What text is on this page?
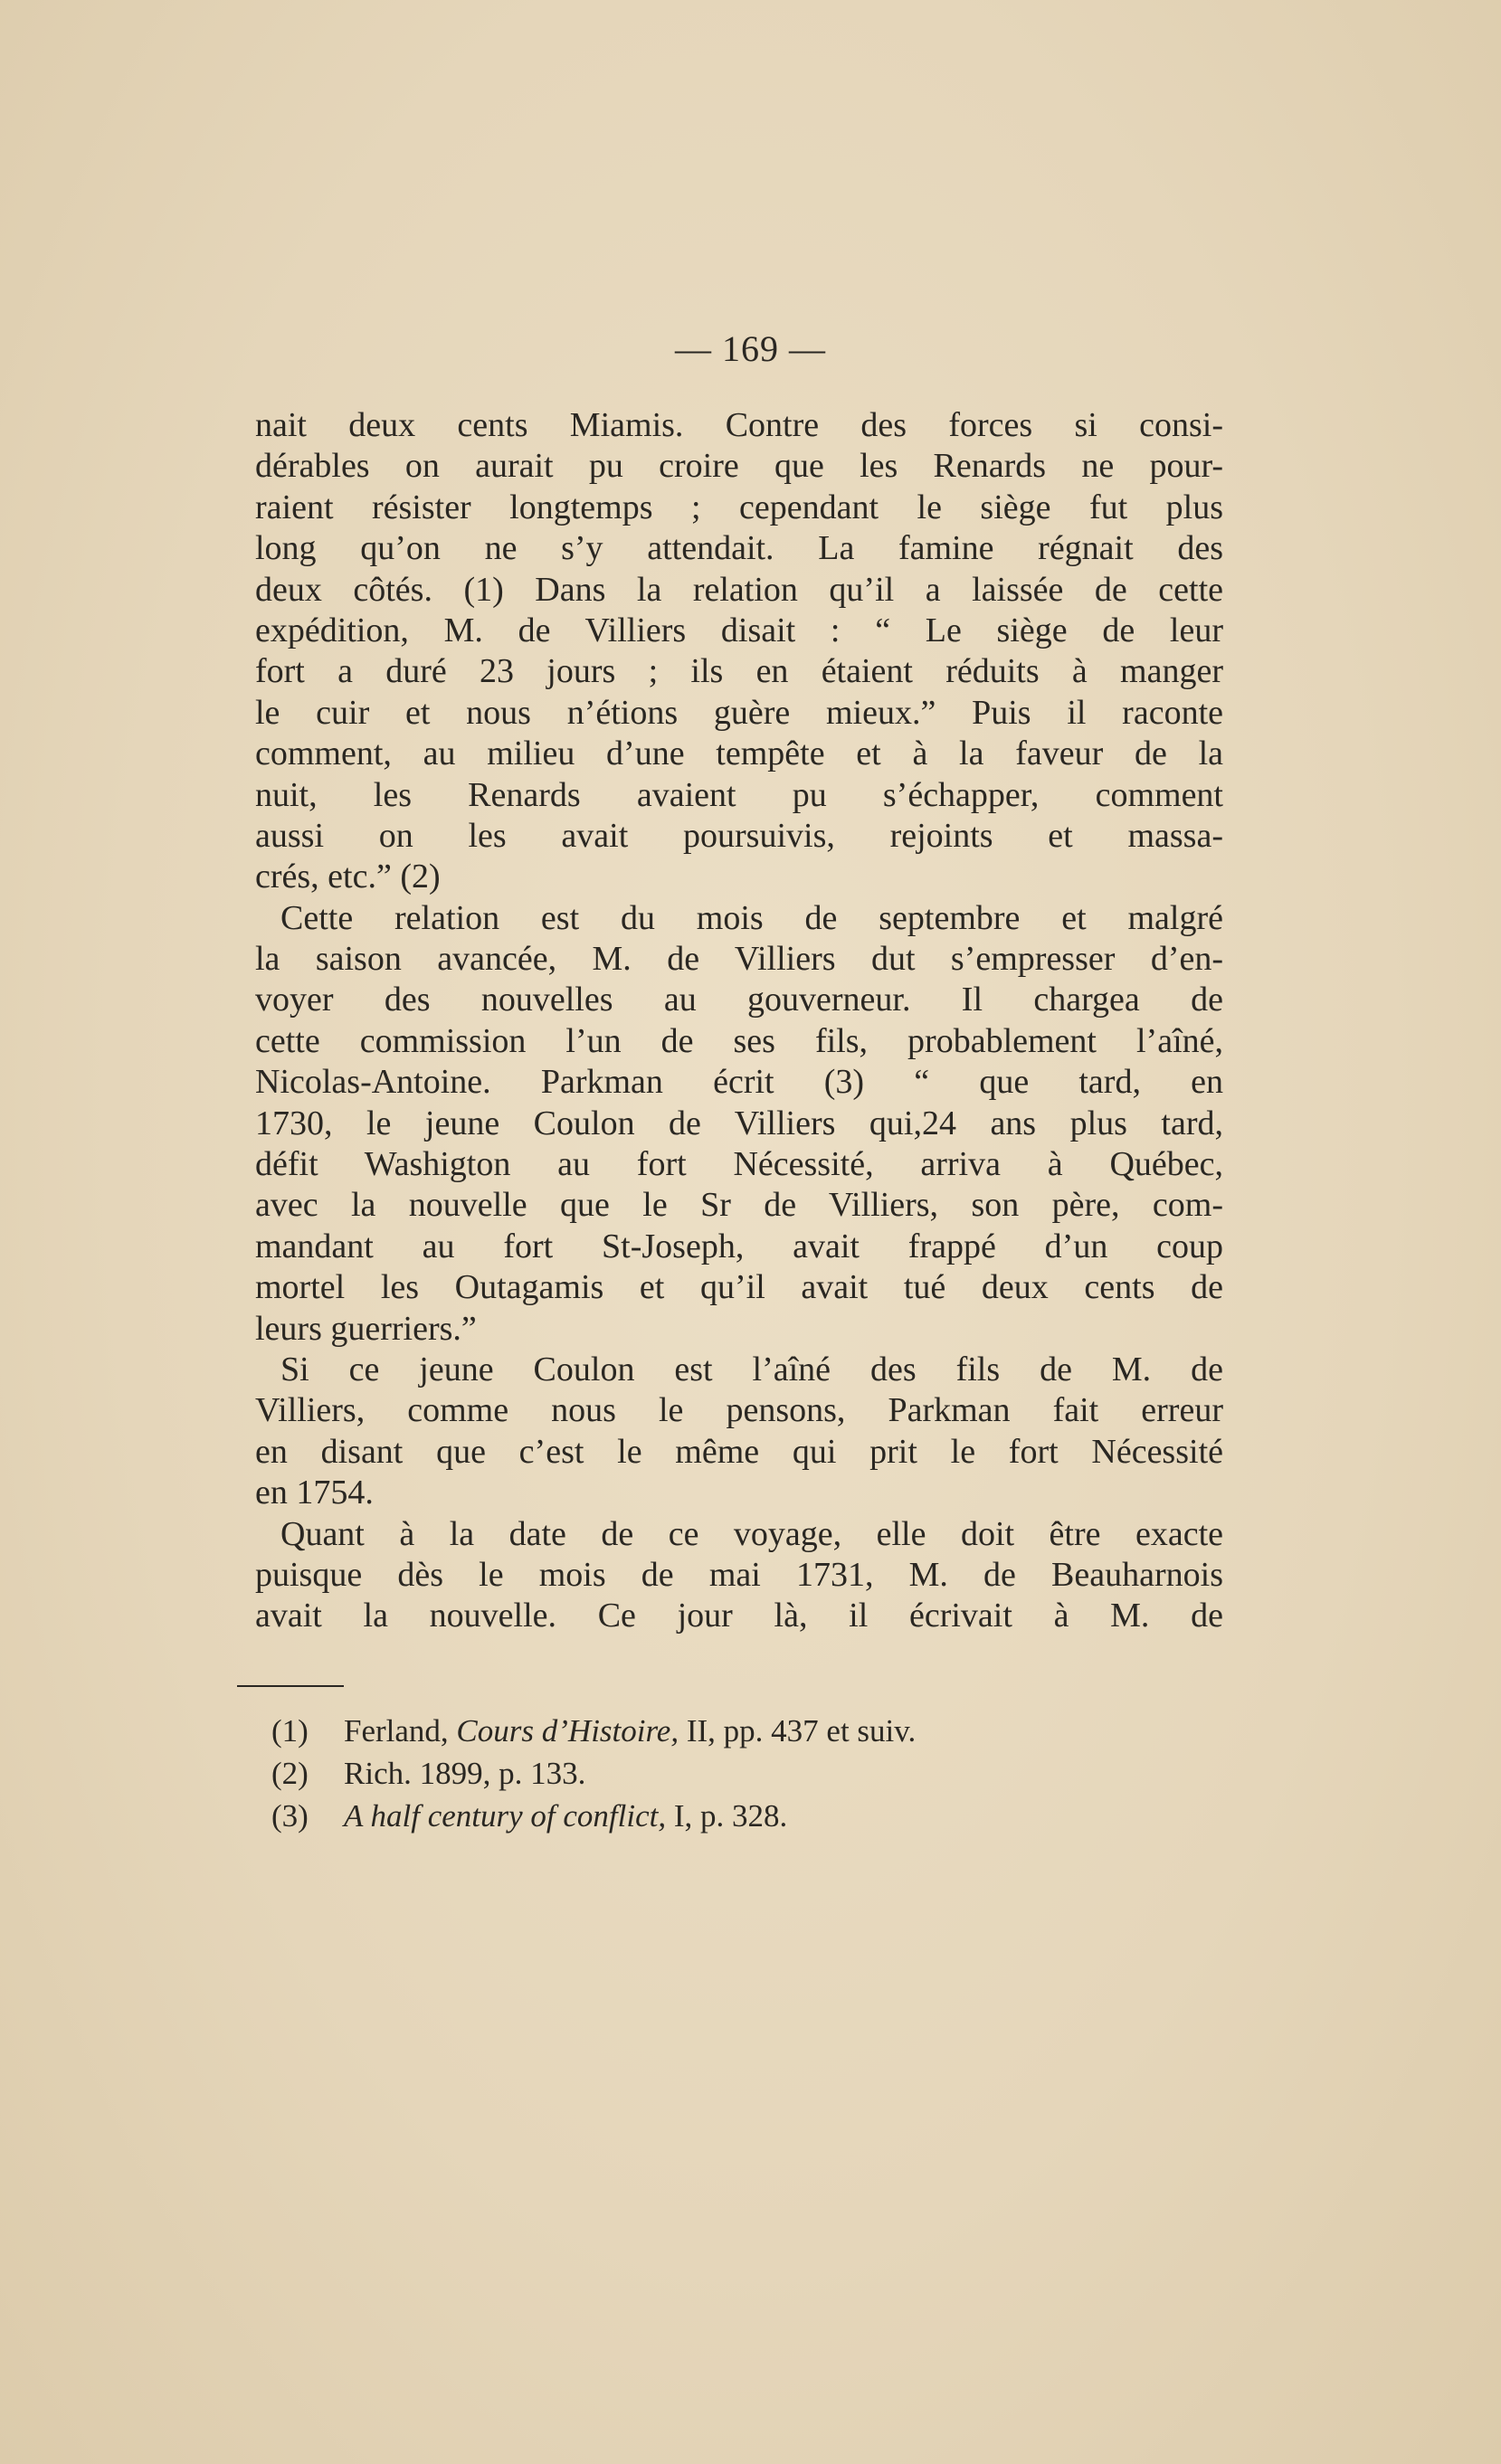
— 169 —
nait deux cents Miamis. Contre des forces si consi-
dérables on aurait pu croire que les Renards ne pour-
raient résister longtemps ; cependant le siège fut plus
long qu’on ne s’y attendait. La famine régnait des
deux côtés. (1) Dans la relation qu’il a laissée de cette
expédition, M. de Villiers disait : “ Le siège de leur
fort a duré 23 jours ; ils en étaient réduits à manger
le cuir et nous n’étions guère mieux.” Puis il raconte
comment, au milieu d’une tempête et à la faveur de la
nuit, les Renards avaient pu s’échapper, comment
aussi on les avait poursuivis, rejoints et massa-
crés, etc.” (2)
Cette relation est du mois de septembre et malgré
la saison avancée, M. de Villiers dut s’empresser d’en-
voyer des nouvelles au gouverneur. Il chargea de
cette commission l’un de ses fils, probablement l’aîné,
Nicolas-Antoine. Parkman écrit (3) “ que tard, en
1730, le jeune Coulon de Villiers qui,24 ans plus tard,
défit Washigton au fort Nécessité, arriva à Québec,
avec la nouvelle que le Sr de Villiers, son père, com-
mandant au fort St-Joseph, avait frappé d’un coup
mortel les Outagamis et qu’il avait tué deux cents de
leurs guerriers.”
Si ce jeune Coulon est l’aîné des fils de M. de
Villiers, comme nous le pensons, Parkman fait erreur
en disant que c’est le même qui prit le fort Nécessité
en 1754.
Quant à la date de ce voyage, elle doit être exacte
puisque dès le mois de mai 1731, M. de Beauharnois
avait la nouvelle. Ce jour là, il écrivait à M. de
(1) Ferland, Cours d’Histoire, II, pp. 437 et suiv.
(2) Rich. 1899, p. 133.
(3) A half century of conflict, I, p. 328.
